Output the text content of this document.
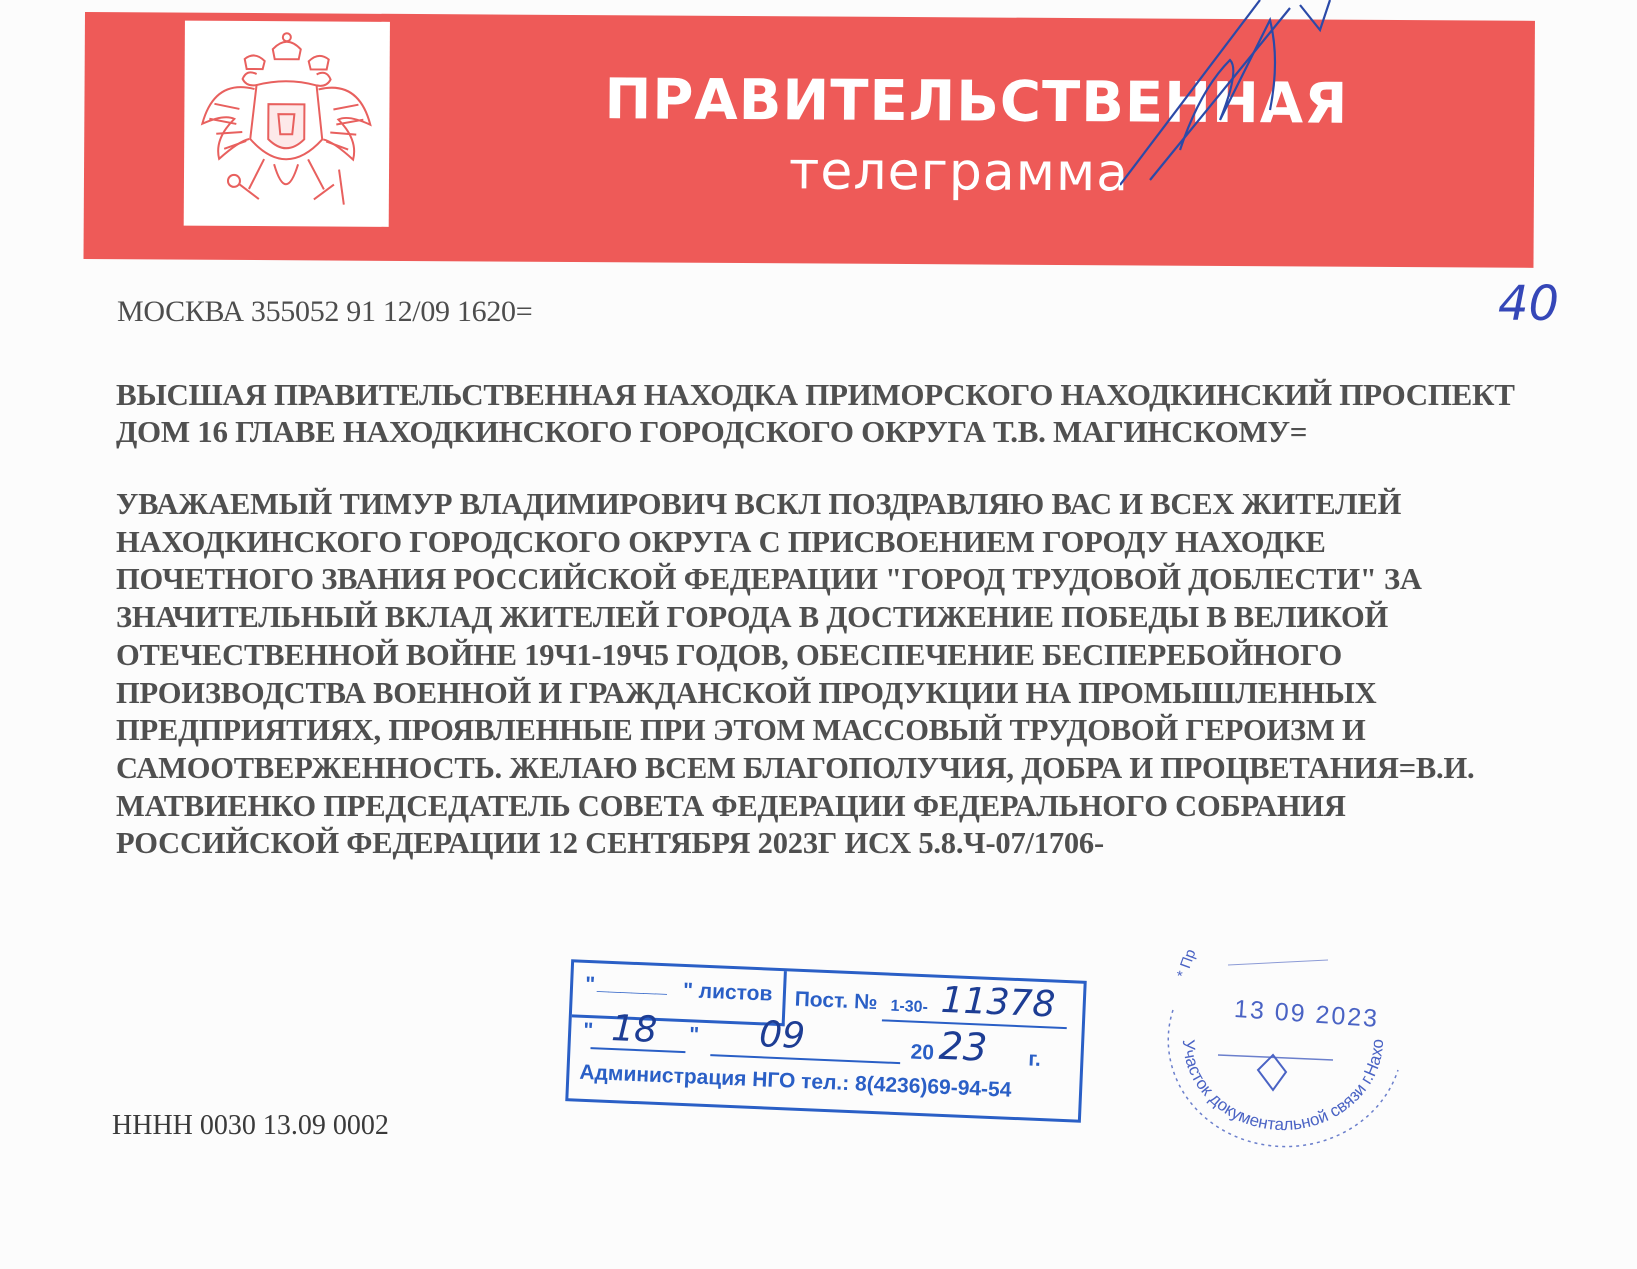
ПРАВИТЕЛЬСТВЕННАЯ
телеграмма
40
МОСКВА 355052 91 12/09 1620=
ВЫСШАЯ ПРАВИТЕЛЬСТВЕННАЯ НАХОДКА ПРИМОРСКОГО НАХОДКИНСКИЙ ПРОСПЕКТ
ДОМ 16 ГЛАВЕ НАХОДКИНСКОГО ГОРОДСКОГО ОКРУГА Т.В. МАГИНСКОМУ=
УВАЖАЕМЫЙ ТИМУР ВЛАДИМИРОВИЧ ВСКЛ ПОЗДРАВЛЯЮ ВАС И ВСЕХ ЖИТЕЛЕЙ
НАХОДКИНСКОГО ГОРОДСКОГО ОКРУГА С ПРИСВОЕНИЕМ ГОРОДУ НАХОДКЕ
ПОЧЕТНОГО ЗВАНИЯ РОССИЙСКОЙ ФЕДЕРАЦИИ "ГОРОД ТРУДОВОЙ ДОБЛЕСТИ" ЗА
ЗНАЧИТЕЛЬНЫЙ ВКЛАД ЖИТЕЛЕЙ ГОРОДА В ДОСТИЖЕНИЕ ПОБЕДЫ В ВЕЛИКОЙ
ОТЕЧЕСТВЕННОЙ ВОЙНЕ 19Ч1-19Ч5 ГОДОВ, ОБЕСПЕЧЕНИЕ БЕСПЕРЕБОЙНОГО
ПРОИЗВОДСТВА ВОЕННОЙ И ГРАЖДАНСКОЙ ПРОДУКЦИИ НА ПРОМЫШЛЕННЫХ
ПРЕДПРИЯТИЯХ, ПРОЯВЛЕННЫЕ ПРИ ЭТОМ МАССОВЫЙ ТРУДОВОЙ ГЕРОИЗМ И
САМООТВЕРЖЕННОСТЬ. ЖЕЛАЮ ВСЕМ БЛАГОПОЛУЧИЯ, ДОБРА И ПРОЦВЕТАНИЯ=В.И.
МАТВИЕНКО ПРЕДСЕДАТЕЛЬ СОВЕТА ФЕДЕРАЦИИ ФЕДЕРАЛЬНОГО СОБРАНИЯ
РОССИЙСКОЙ ФЕДЕРАЦИИ 12 СЕНТЯБРЯ 2023Г ИСХ 5.8.Ч-07/1706-
" ______ " листов Пост. № 1-30- 11378
" 18 " 09	20 23 г.
Администрация НГО тел.: 8(4236)69-94-54
Участок документальной связи г.Нахо
* Пр
13 09 2023
НННН 0030 13.09 0002
